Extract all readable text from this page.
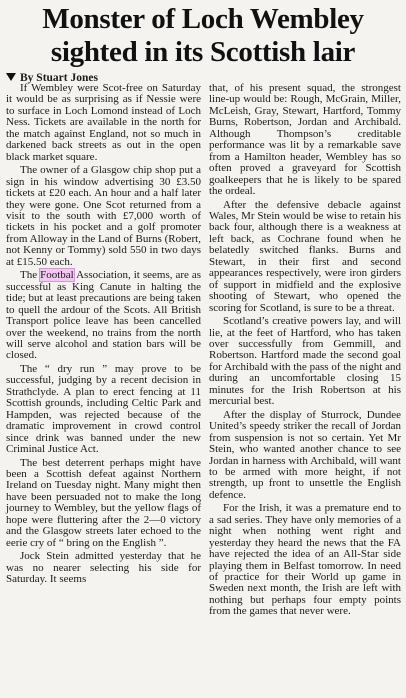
Monster of Loch Wembley
sighted in its Scottish lair
By Stuart Jones

If Wembley were Scot-free on Saturday it would be as surprising as if Nessie were to surface in Loch Lomond instead of Loch Ness. Tickets are available in the north for the match against England, not so much in darkened back streets as out in the open black market square.

The owner of a Glasgow chip shop put a sign in his window advertising 30 £3.50 tickets at £20 each. An hour and a half later they were gone. One Scot returned from a visit to the south with £7,000 worth of tickets in his pocket and a golf promoter from Alloway in the Land of Burns (Robert, not Kenny or Tommy) sold 550 in two days at £15.50 each.

The Footbal Association, it seems, are as successful as King Canute in halting the tide; but at least precautions are being taken to quell the ardour of the Scots. All British Transport police leave has been cancelled over the weekend, no trains from the north will serve alcohol and station bars will be closed.

The “ dry run ” may prove to be successful, judging by a recent decision in Strathclyde. A plan to erect fencing at 11 Scottish grounds, including Celtic Park and Hampden, was rejected because of the dramatic improvement in crowd control since drink was banned under the new Criminal Justice Act.

The best deterrent perhaps might have been a Scottish defeat against Northern Ireland on Tuesday night. Many might then have been persuaded not to make the long journey to Wembley, but the yellow flags of hope were fluttering after the 2—0 victory and the Glasgow streets later echoed to the eerie cry of “ bring on the English ”.

Jock Stein admitted yesterday that he was no nearer selecting his side for Saturday. It seems

that, of his present squad, the strongest line-up would be: Rough, McGrain, Miller, McLeish, Gray, Stewart, Hartford, Tommy Burns, Robertson, Jordan and Archibald. Although Thompson’s creditable performance was lit by a remarkable save from a Hamilton header, Wembley has so often proved a graveyard for Scottish goalkeepers that he is likely to be spared the ordeal.

After the defensive debacle against Wales, Mr Stein would be wise to retain his back four, although there is a weakness at left back, as Cochrane found when he belatedly switched flanks. Burns and Stewart, in their first and second appearances respectively, were iron girders of support in midfield and the explosive shooting of Stewart, who opened the scoring for Scotland, is sure to be a threat.

Scotland’s creative powers lay, and will lie, at the feet of Hartford, who has taken over successfully from Gemmill, and Robertson. Hartford made the second goal for Archibald with the pass of the night and during an uncomfortable closing 15 minutes for the Irish Robertson at his mercurial best.

After the display of Sturrock, Dundee United’s speedy striker the recall of Jordan from suspension is not so certain. Yet Mr Stein, who wanted another chance to see Jordan in harness with Archibald, will want to be armed with more height, if not strength, up front to unsettle the English defence.

For the Irish, it was a premature end to a sad series. They have only memories of a night when nothing went right and yesterday they heard the news that the FA have rejected the idea of an All-Star side playing them in Belfast tomorrow. In need of practice for their World up game in Sweden next month, the Irish are left with nothing but perhaps four empty points from the games that never were.
